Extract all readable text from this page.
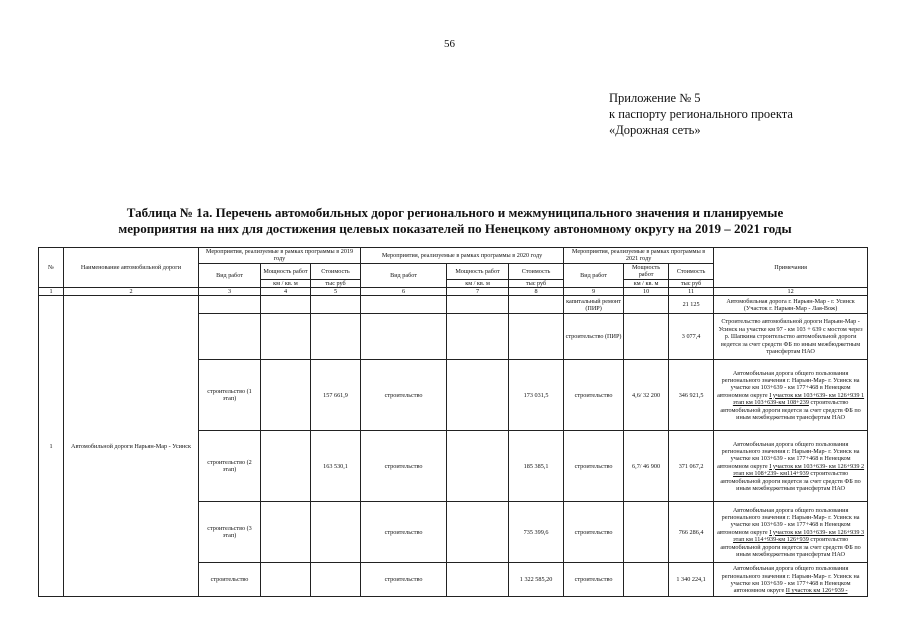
56
Приложение № 5
к паспорту регионального проекта
«Дорожная сеть»
Таблица № 1а. Перечень автомобильных дорог регионального и межмуниципального значения и планируемые
мероприятия на них для достижения целевых показателей по Ненецкому автономному округу на 2019 – 2021 годы
№	Наименование автомобильной дороги	Мероприятия, реализуемые в рамках программы в 2019 году			Мероприятия, реализуемые в рамках программы в 2020 году			Мероприятия, реализуемые в рамках программы в 2021 году			Примечания
		Вид работ	Мощность работ	Стоимость	Вид работ	Мощность работ	Стоимость	Вид работ	Мощность работ	Стоимость	
			км / кв. м	тыс руб		км / кв. м	тыс руб		км / кв. м	тыс руб	
1	2	3	4	5	6	7	8	9	10	11	12
1	Автомобильной дороги Нарьян-Мар - Усинск							капитальный ремонт (ПИР)		21 125	Автомобильная дорога г. Нарьян-Мар - г. Усинск (Участок г. Нарьян-Мар - Лая-Вож)
								строительство (ПИР)		3 077,4	Строительство автомобильной дороги Нарьян-Мар - Усинск на участке км 97 - км 103 + 639 с мостом через р. Шапкина строительство автомобильной дороги ведется за счет средств ФБ по иным межбюджетным трансфертам НАО
		строительство (1 этап)		157 661,9	строительство		173 031,5	строительство	4,6/ 32 200	346 921,5	Автомобильная дорога общего пользования регионального значения г. Нарьян-Мар- г. Усинск на участке км 103+639 - км 177+468 в Ненецком автономном округе I участок км 103+639- км 126+939 1 этап км 103+639-км 108+239 строительство автомобильной дороги ведется за счет средств ФБ по иным межбюджетным трансфертам НАО
		строительство (2 этап)		163 530,1	строительство		185 385,1	строительство	6,7/ 46 900	371 067,2	Автомобильная дорога общего пользования регионального значения г. Нарьян-Мар- г. Усинск на участке км 103+639 - км 177+468 в Ненецком автономном округе I участок км 103+639- км 126+939 2 этап км 108+239- км114+939 строительство автомобильной дороги ведется за счет средств ФБ по иным межбюджетным трансфертам НАО
		строительство (3 этап)			строительство		735 399,6	строительство		766 286,4	Автомобильная дорога общего пользования регионального значения г. Нарьян-Мар- г. Усинск на участке км 103+639 - км 177+468 в Ненецком автономном округе I участок км 103+639- км 126+939 3 этап км 114+939-км 126+939 строительство автомобильной дороги ведется за счет средств ФБ по иным межбюджетным трансфертам НАО
		строительство			строительство		1 322 585,20	строительство		1 340 224,1	Автомобильная дорога общего пользования регионального значения г. Нарьян-Мар- г. Усинск на участке км 103+639 - км 177+468 в Ненецком автономном округе II участок км 126+939 -
